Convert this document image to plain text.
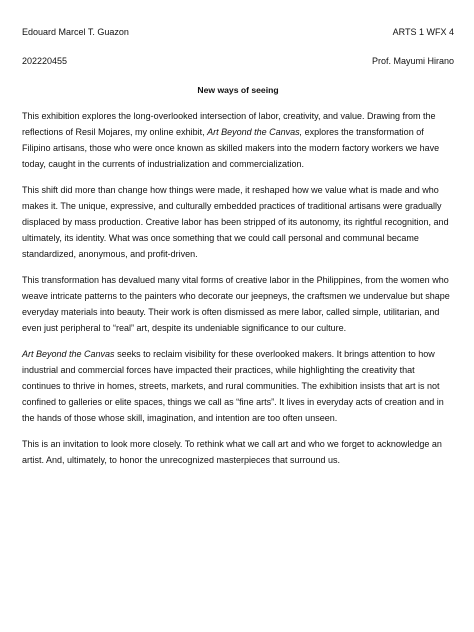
Edouard Marcel T. Guazon	ARTS 1 WFX 4
202220455	Prof. Mayumi Hirano
New ways of seeing

This exhibition explores the long-overlooked intersection of labor, creativity, and value. Drawing from the reflections of Resil Mojares, my online exhibit, Art Beyond the Canvas, explores the transformation of Filipino artisans, those who were once known as skilled makers into the modern factory workers we have today, caught in the currents of industrialization and commercialization.

This shift did more than change how things were made, it reshaped how we value what is made and who makes it. The unique, expressive, and culturally embedded practices of traditional artisans were gradually displaced by mass production. Creative labor has been stripped of its autonomy, its rightful recognition, and ultimately, its identity. What was once something that we could call personal and communal became standardized, anonymous, and profit-driven.

This transformation has devalued many vital forms of creative labor in the Philippines, from the women who weave intricate patterns to the painters who decorate our jeepneys, the craftsmen we undervalue but shape everyday materials into beauty. Their work is often dismissed as mere labor, called simple, utilitarian, and even just peripheral to “real” art, despite its undeniable significance to our culture.

Art Beyond the Canvas seeks to reclaim visibility for these overlooked makers. It brings attention to how industrial and commercial forces have impacted their practices, while highlighting the creativity that continues to thrive in homes, streets, markets, and rural communities. The exhibition insists that art is not confined to galleries or elite spaces, things we call as “fine arts”. It lives in everyday acts of creation and in the hands of those whose skill, imagination, and intention are too often unseen.

This is an invitation to look more closely. To rethink what we call art and who we forget to acknowledge an artist. And, ultimately, to honor the unrecognized masterpieces that surround us.
